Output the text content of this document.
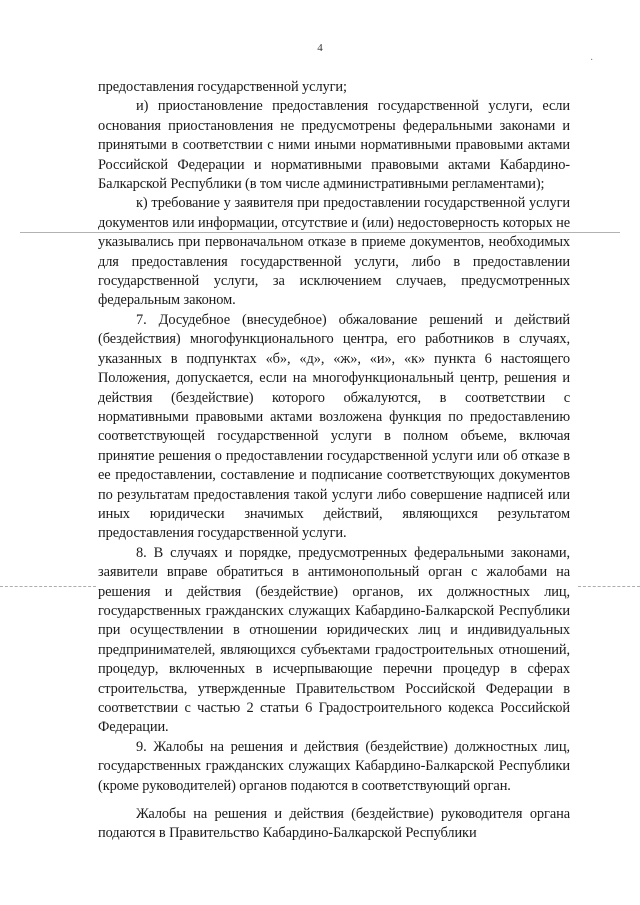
4
·

предоставления государственной услуги;

и) приостановление предоставления государственной услуги, если основания приостановления не предусмотрены федеральными законами и принятыми в соответствии с ними иными нормативными правовыми актами Российской Федерации и нормативными правовыми актами Кабардино-Балкарской Республики (в том числе административными регламентами);

к) требование у заявителя при предоставлении государственной услуги документов или информации, отсутствие и (или) недостоверность которых не указывались при первоначальном отказе в приеме документов, необходимых для предоставления государственной услуги, либо в предоставлении государственной услуги, за исключением случаев, предусмотренных федеральным законом.

7. Досудебное (внесудебное) обжалование решений и действий (бездействия) многофункционального центра, его работников в случаях, указанных в подпунктах «б», «д», «ж», «и», «к» пункта 6 настоящего Положения, допускается, если на многофункциональный центр, решения и действия (бездействие) которого обжалуются, в соответствии с нормативными правовыми актами возложена функция по предоставлению соответствующей государственной услуги в полном объеме, включая принятие решения о предоставлении государственной услуги или об отказе в ее предоставлении, составление и подписание соответствующих документов по результатам предоставления такой услуги либо совершение надписей или иных юридически значимых действий, являющихся результатом предоставления государственной услуги.

8. В случаях и порядке, предусмотренных федеральными законами, заявители вправе обратиться в антимонопольный орган с жалобами на решения и действия (бездействие) органов, их должностных лиц, государственных гражданских служащих Кабардино-Балкарской Республики при осуществлении в отношении юридических лиц и индивидуальных предпринимателей, являющихся субъектами градостроительных отношений, процедур, включенных в исчерпывающие перечни процедур в сферах строительства, утвержденные Правительством Российской Федерации в соответствии с частью 2 статьи 6 Градостроительного кодекса Российской Федерации.

9. Жалобы на решения и действия (бездействие) должностных лиц, государственных гражданских служащих Кабардино-Балкарской Республики (кроме руководителей) органов подаются в соответствующий орган.

Жалобы на решения и действия (бездействие) руководителя органа подаются в Правительство Кабардино-Балкарской Республики
